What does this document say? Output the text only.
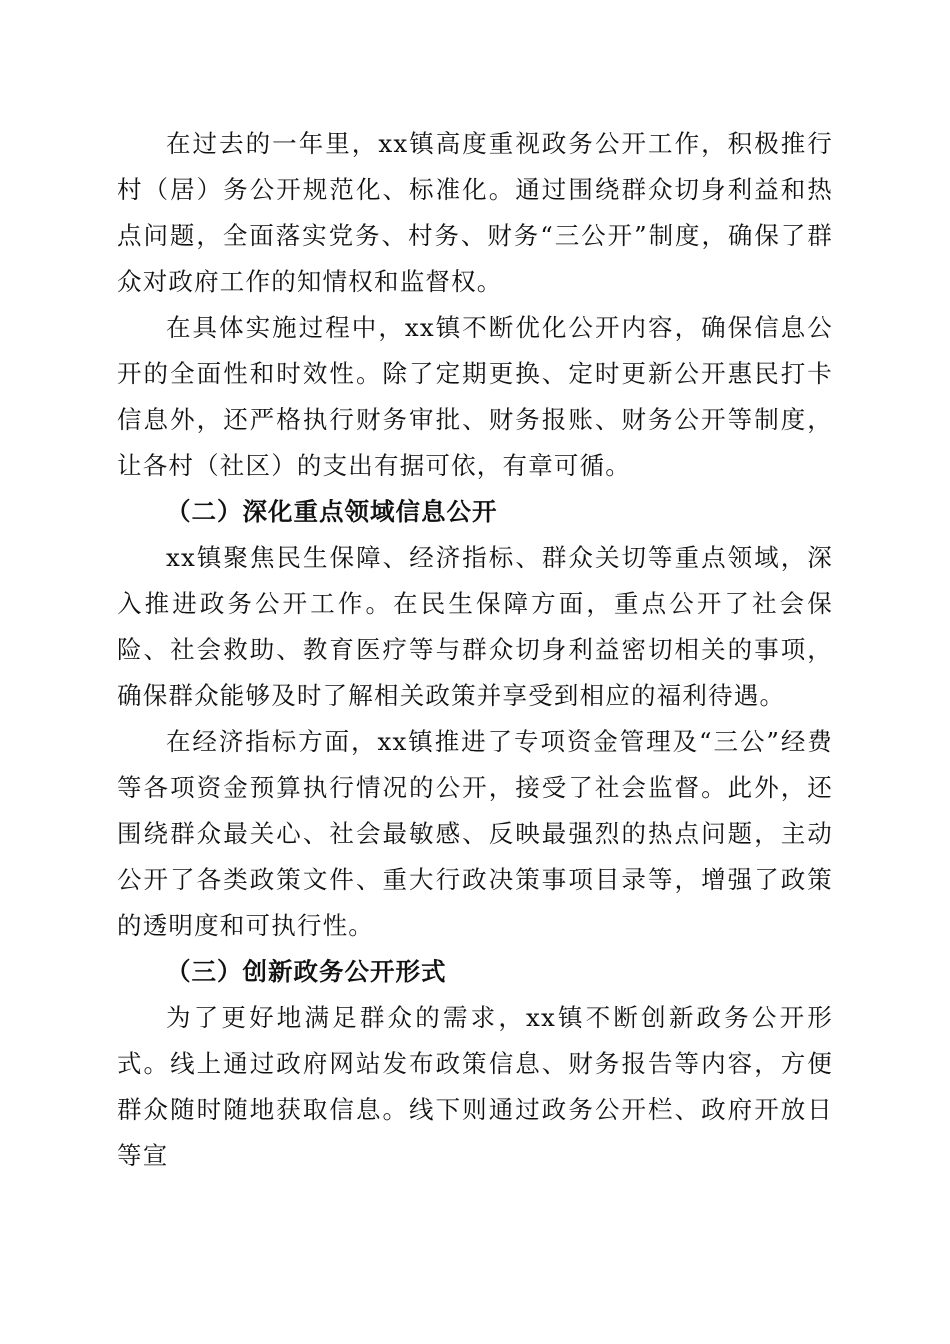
在过去的一年里，xx镇高度重视政务公开工作，积极推行村（居）务公开规范化、标准化。通过围绕群众切身利益和热点问题，全面落实党务、村务、财务“三公开”制度，确保了群众对政府工作的知情权和监督权。

在具体实施过程中，xx镇不断优化公开内容，确保信息公开的全面性和时效性。除了定期更换、定时更新公开惠民打卡信息外，还严格执行财务审批、财务报账、财务公开等制度，让各村（社区）的支出有据可依，有章可循。

（二）深化重点领域信息公开

xx镇聚焦民生保障、经济指标、群众关切等重点领域，深入推进政务公开工作。在民生保障方面，重点公开了社会保险、社会救助、教育医疗等与群众切身利益密切相关的事项，确保群众能够及时了解相关政策并享受到相应的福利待遇。

在经济指标方面，xx镇推进了专项资金管理及“三公”经费等各项资金预算执行情况的公开，接受了社会监督。此外，还围绕群众最关心、社会最敏感、反映最强烈的热点问题，主动公开了各类政策文件、重大行政决策事项目录等，增强了政策的透明度和可执行性。

（三）创新政务公开形式

为了更好地满足群众的需求，xx镇不断创新政务公开形式。线上通过政府网站发布政策信息、财务报告等内容，方便群众随时随地获取信息。线下则通过政务公开栏、政府开放日等宣
